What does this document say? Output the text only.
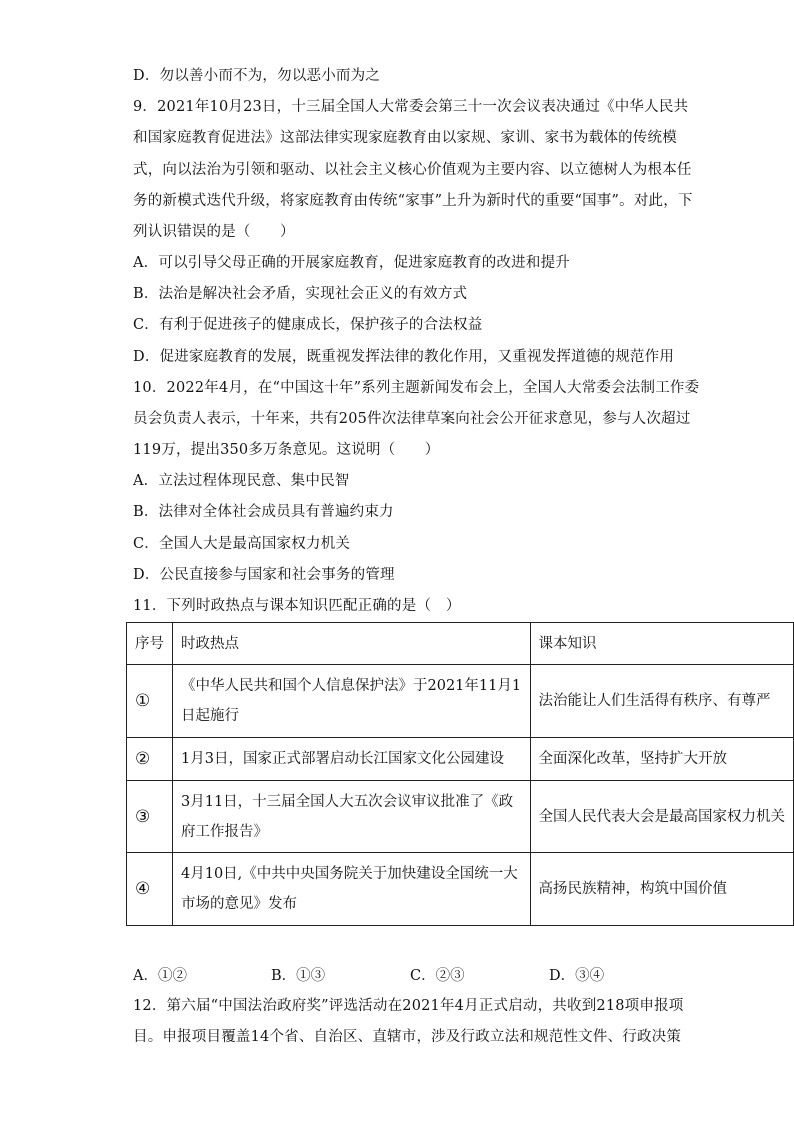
D．勿以善小而不为，勿以恶小而为之
9．2021年10月23日，十三届全国人大常委会第三十一次会议表决通过《中华人民共
和国家庭教育促进法》这部法律实现家庭教育由以家规、家训、家书为载体的传统模
式，向以法治为引领和驱动、以社会主义核心价值观为主要内容、以立德树人为根本任
务的新模式迭代升级，将家庭教育由传统“家事”上升为新时代的重要“国事”。对此，下
列认识错误的是（　　）
A．可以引导父母正确的开展家庭教育，促进家庭教育的改进和提升
B．法治是解决社会矛盾，实现社会正义的有效方式
C．有利于促进孩子的健康成长，保护孩子的合法权益
D．促进家庭教育的发展，既重视发挥法律的教化作用，又重视发挥道德的规范作用
10．2022年4月，在“中国这十年”系列主题新闻发布会上，全国人大常委会法制工作委
员会负责人表示，十年来，共有205件次法律草案向社会公开征求意见，参与人次超过
119万，提出350多万条意见。这说明（　　）
A．立法过程体现民意、集中民智
B．法律对全体社会成员具有普遍约束力
C．全国人大是最高国家权力机关
D．公民直接参与国家和社会事务的管理
11．下列时政热点与课本知识匹配正确的是（　）
序号	时政热点	课本知识
①	《中华人民共和国个人信息保护法》于2021年11月1日起施行	法治能让人们生活得有秩序、有尊严
②	1月3日，国家正式部署启动长江国家文化公园建设	全面深化改革，坚持扩大开放
③	3月11日，十三届全国人大五次会议审议批准了《政府工作报告》	全国人民代表大会是最高国家权力机关
④	4月10日,《中共中央国务院关于加快建设全国统一大市场的意见》发布	高扬民族精神，构筑中国价值
A．①②	B．①③	C．②③	D．③④
12．第六届“中国法治政府奖”评选活动在2021年4月正式启动，共收到218项申报项
目。申报项目覆盖14个省、自治区、直辖市，涉及行政立法和规范性文件、行政决策
